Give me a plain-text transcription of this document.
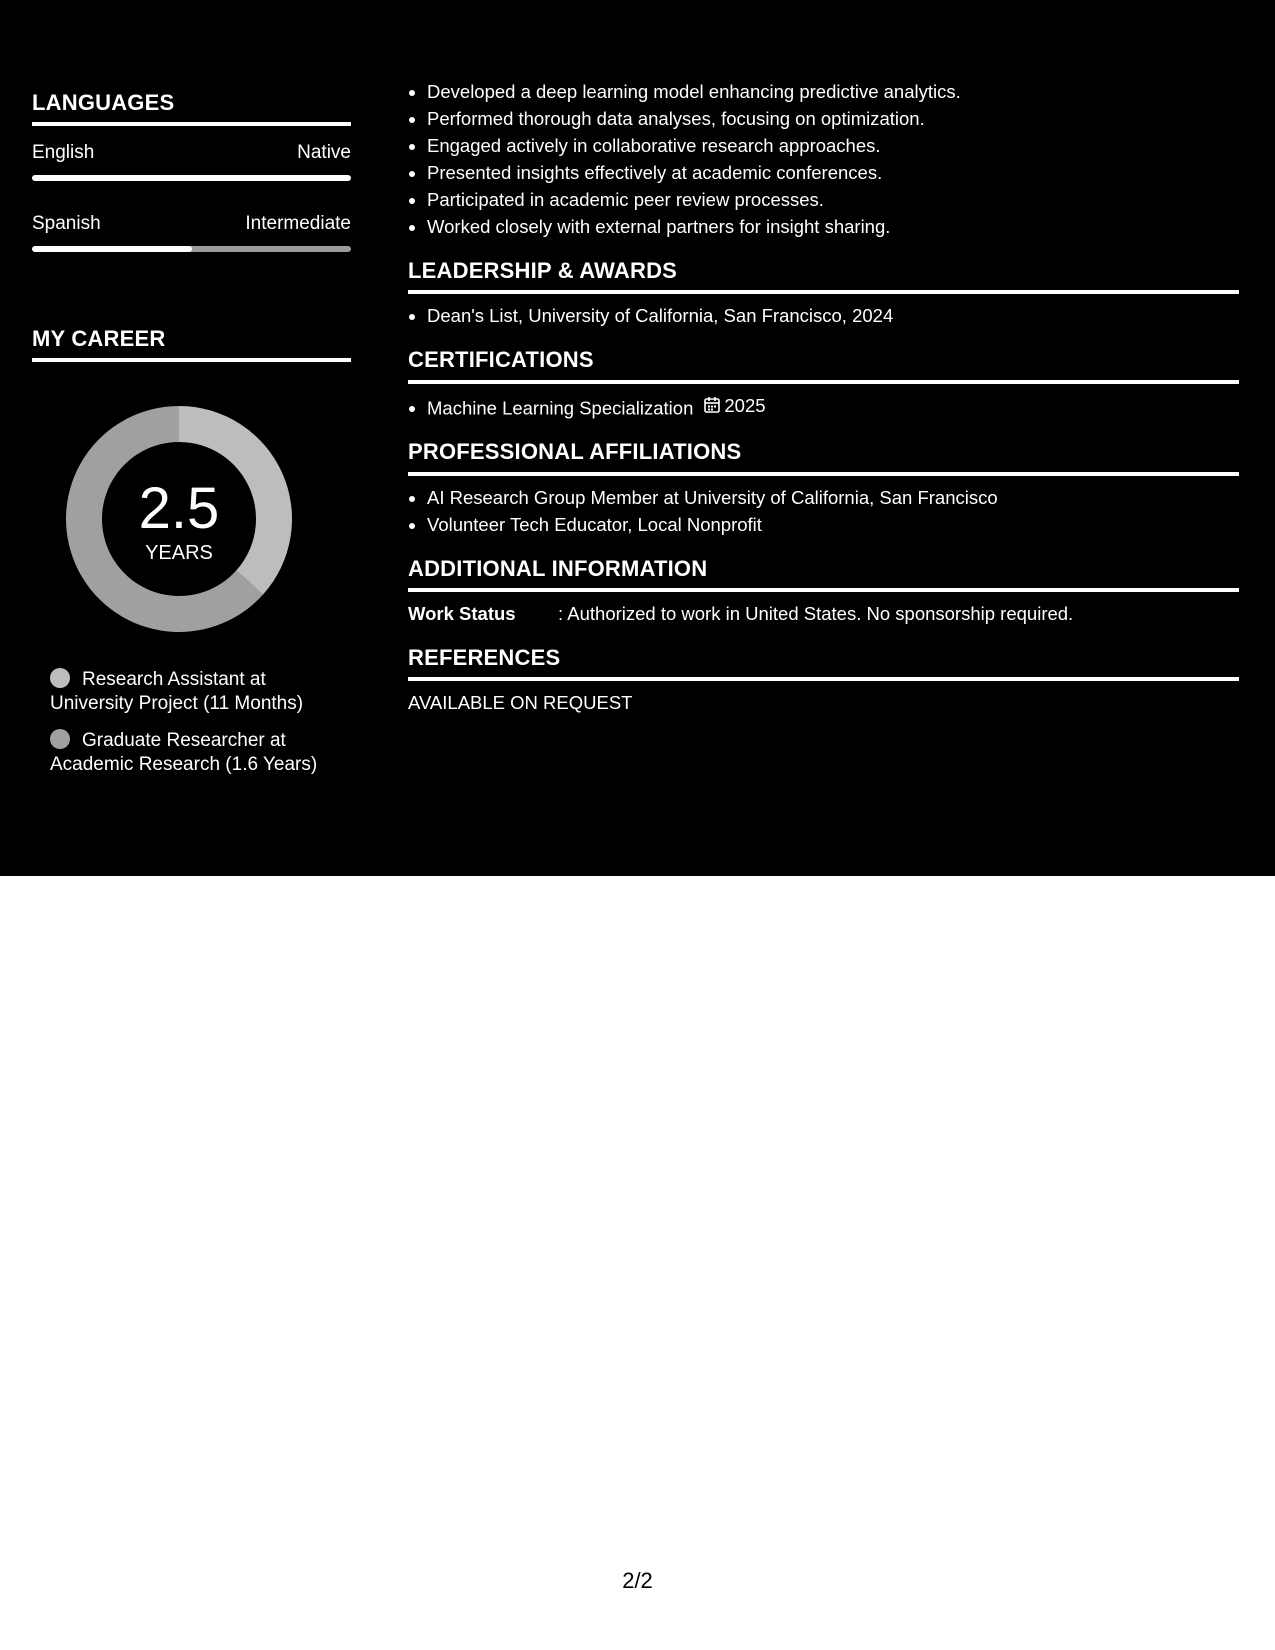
LANGUAGES
English	Native
Spanish	Intermediate
MY CAREER
2.5
YEARS
Research Assistant at University Project (11 Months)
Graduate Researcher at Academic Research (1.6 Years)
• Developed a deep learning model enhancing predictive analytics.
• Performed thorough data analyses, focusing on optimization.
• Engaged actively in collaborative research approaches.
• Presented insights effectively at academic conferences.
• Participated in academic peer review processes.
• Worked closely with external partners for insight sharing.
LEADERSHIP & AWARDS
• Dean's List, University of California, San Francisco, 2024
CERTIFICATIONS
• Machine Learning Specialization 2025
PROFESSIONAL AFFILIATIONS
• AI Research Group Member at University of California, San Francisco
• Volunteer Tech Educator, Local Nonprofit
ADDITIONAL INFORMATION
Work Status	: Authorized to work in United States. No sponsorship required.
REFERENCES
AVAILABLE ON REQUEST
2/2
